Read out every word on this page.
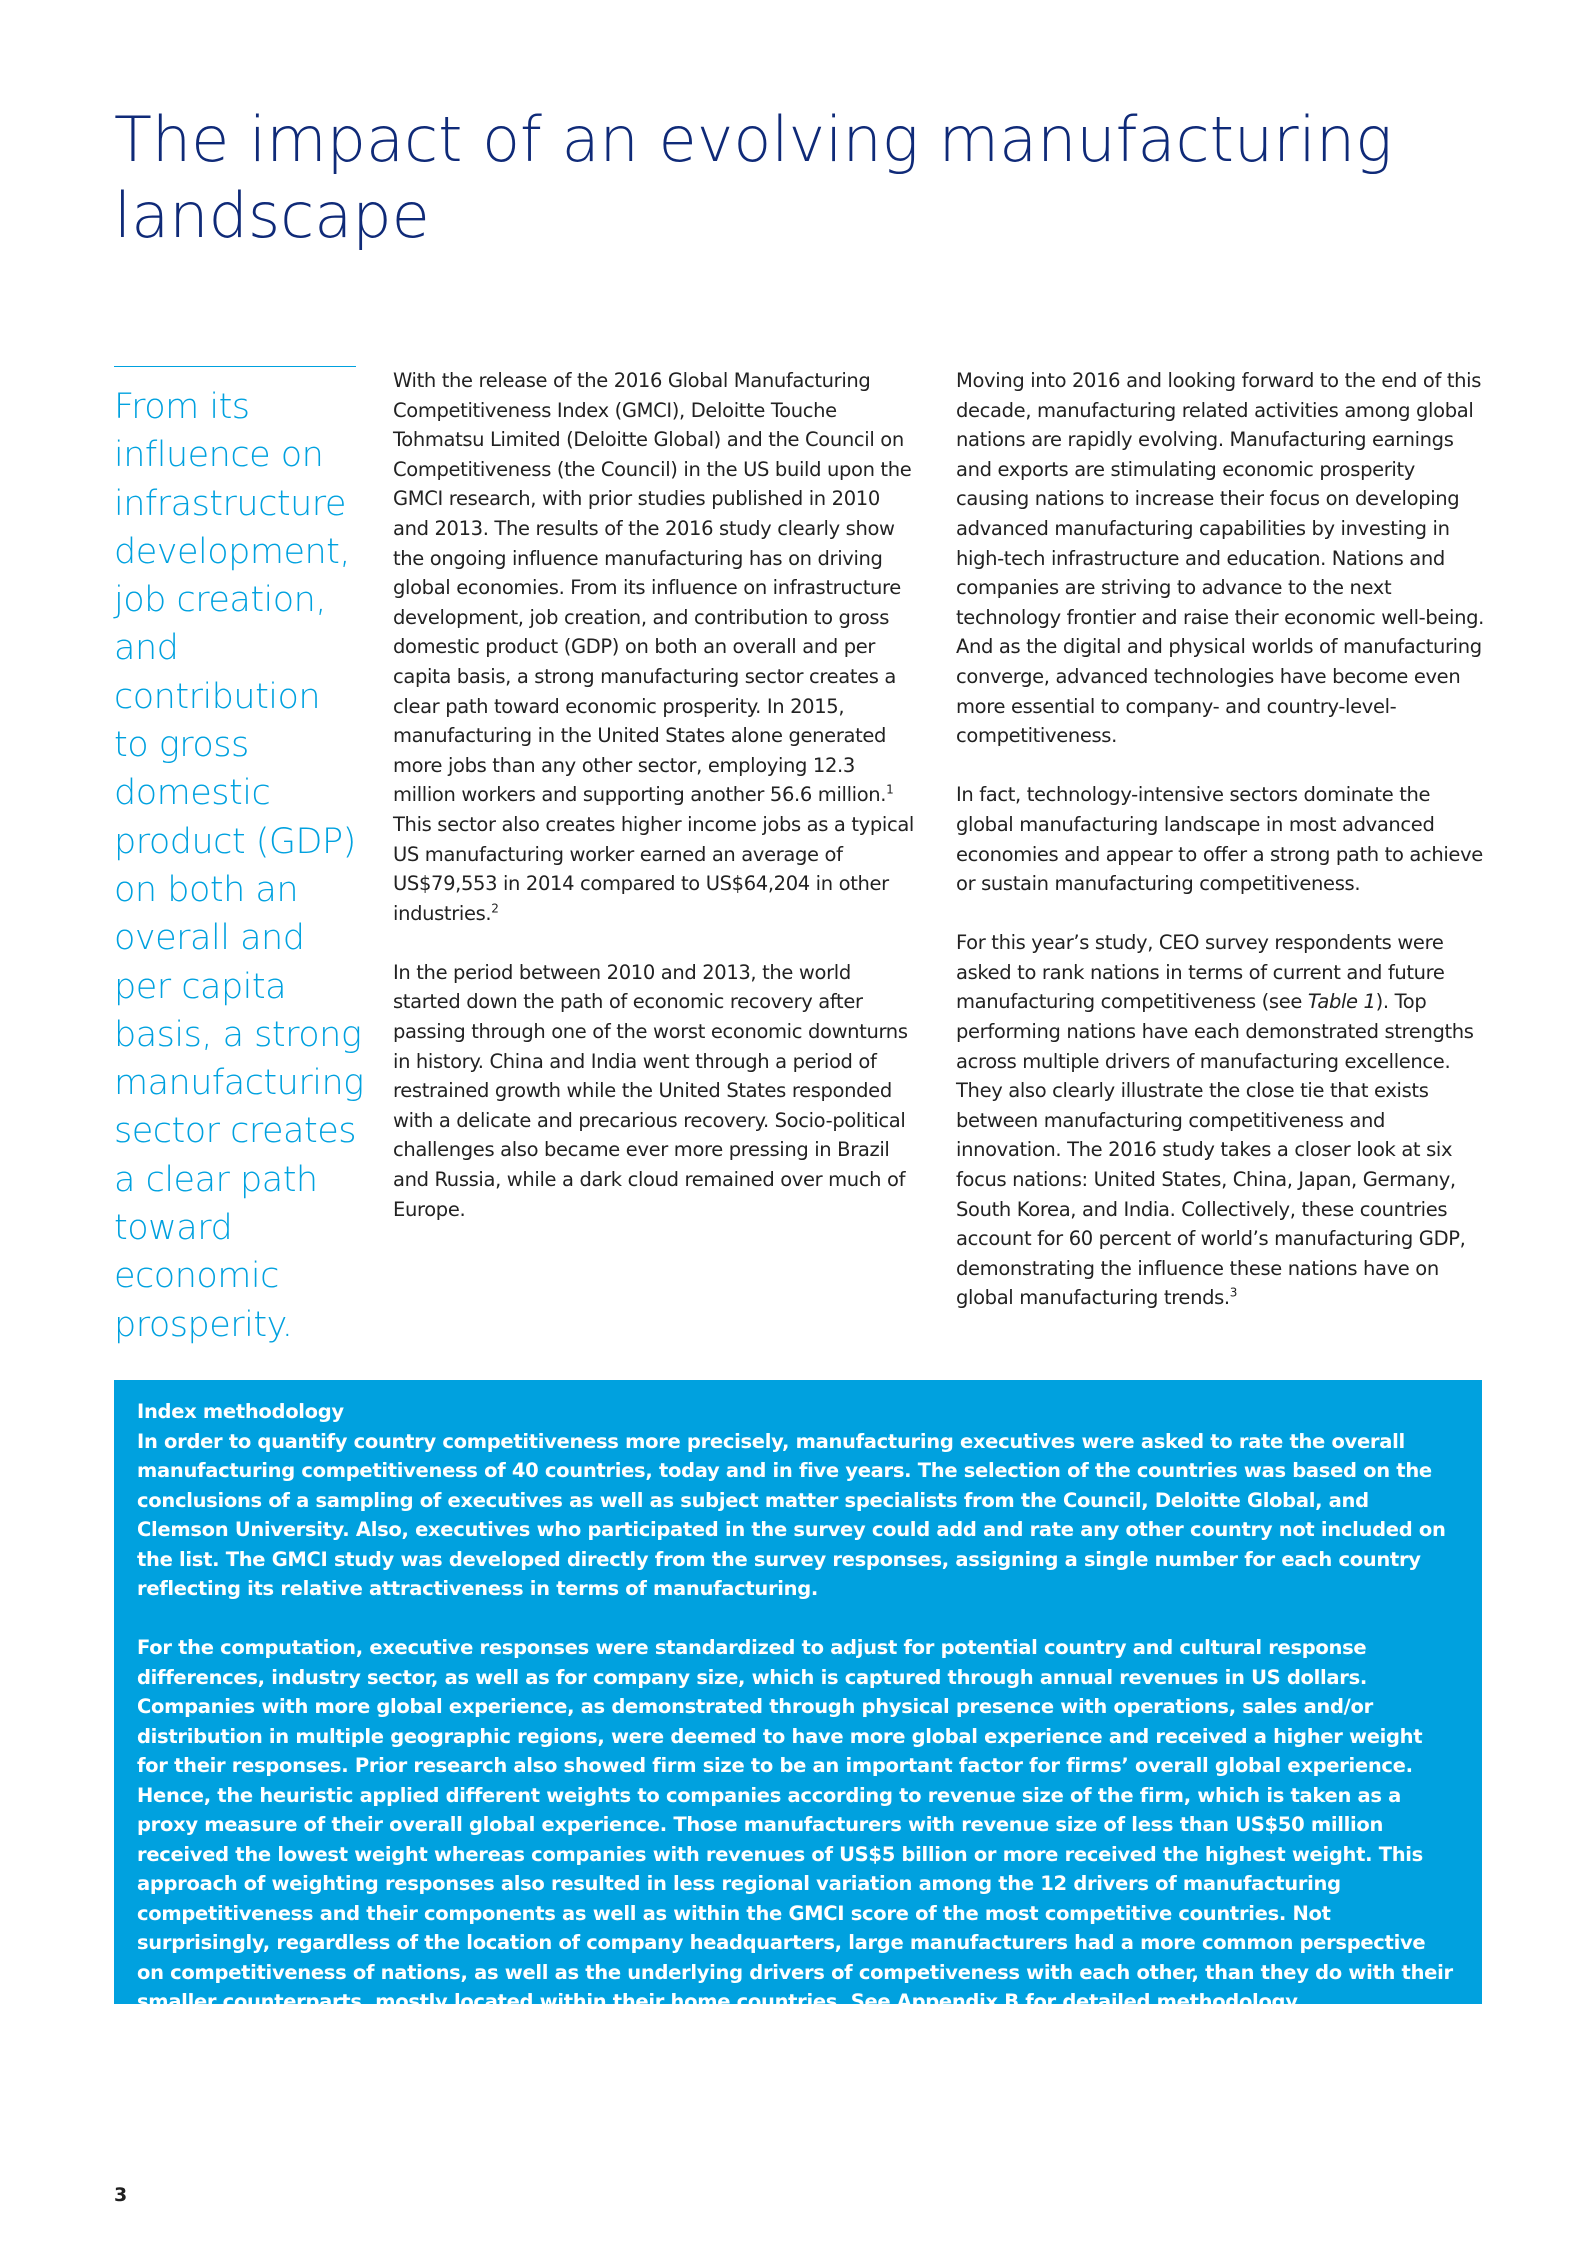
The impact of an evolving manufacturing landscape

From its influence on infrastructure development, job creation, and contribution to gross domestic product (GDP) on both an overall and per capita basis, a strong manufacturing sector creates a clear path toward economic prosperity.

With the release of the 2016 Global Manufacturing Competitiveness Index (GMCI), Deloitte Touche Tohmatsu Limited (Deloitte Global) and the Council on Competitiveness (the Council) in the US build upon the GMCI research, with prior studies published in 2010 and 2013. The results of the 2016 study clearly show the ongoing influence manufacturing has on driving global economies. From its influence on infrastructure development, job creation, and contribution to gross domestic product (GDP) on both an overall and per capita basis, a strong manufacturing sector creates a clear path toward economic prosperity. In 2015, manufacturing in the United States alone generated more jobs than any other sector, employing 12.3 million workers and supporting another 56.6 million.$^1$ This sector also creates higher income jobs as a typical US manufacturing worker earned an average of US$79,553 in 2014 compared to US$64,204 in other industries.$^2$

In the period between 2010 and 2013, the world started down the path of economic recovery after passing through one of the worst economic downturns in history. China and India went through a period of restrained growth while the United States responded with a delicate and precarious recovery. Socio-political challenges also became ever more pressing in Brazil and Russia, while a dark cloud remained over much of Europe.

Moving into 2016 and looking forward to the end of this decade, manufacturing related activities among global nations are rapidly evolving. Manufacturing earnings and exports are stimulating economic prosperity causing nations to increase their focus on developing advanced manufacturing capabilities by investing in high-tech infrastructure and education. Nations and companies are striving to advance to the next technology frontier and raise their economic well-being. And as the digital and physical worlds of manufacturing converge, advanced technologies have become even more essential to company- and country-level-competitiveness.

In fact, technology-intensive sectors dominate the global manufacturing landscape in most advanced economies and appear to offer a strong path to achieve or sustain manufacturing competitiveness.

For this year’s study, CEO survey respondents were asked to rank nations in terms of current and future manufacturing competitiveness (see Table 1). Top performing nations have each demonstrated strengths across multiple drivers of manufacturing excellence. They also clearly illustrate the close tie that exists between manufacturing competitiveness and innovation. The 2016 study takes a closer look at six focus nations: United States, China, Japan, Germany, South Korea, and India. Collectively, these countries account for 60 percent of world’s manufacturing GDP, demonstrating the influence these nations have on global manufacturing trends.$^3$

Index methodology

In order to quantify country competitiveness more precisely, manufacturing executives were asked to rate the overall manufacturing competitiveness of 40 countries, today and in five years. The selection of the countries was based on the conclusions of a sampling of executives as well as subject matter specialists from the Council, Deloitte Global, and Clemson University. Also, executives who participated in the survey could add and rate any other country not included on the list. The GMCI study was developed directly from the survey responses, assigning a single number for each country reflecting its relative attractiveness in terms of manufacturing.

For the computation, executive responses were standardized to adjust for potential country and cultural response differences, industry sector, as well as for company size, which is captured through annual revenues in US dollars. Companies with more global experience, as demonstrated through physical presence with operations, sales and/or distribution in multiple geographic regions, were deemed to have more global experience and received a higher weight for their responses. Prior research also showed firm size to be an important factor for firms’ overall global experience. Hence, the heuristic applied different weights to companies according to revenue size of the firm, which is taken as a proxy measure of their overall global experience. Those manufacturers with revenue size of less than US$50 million received the lowest weight whereas companies with revenues of US$5 billion or more received the highest weight. This approach of weighting responses also resulted in less regional variation among the 12 drivers of manufacturing competitiveness and their components as well as within the GMCI score of the most competitive countries. Not surprisingly, regardless of the location of company headquarters, large manufacturers had a more common perspective on competitiveness of nations, as well as the underlying drivers of competiveness with each other, than they do with their smaller counterparts, mostly located within their home countries. See Appendix B for detailed methodology.

3
